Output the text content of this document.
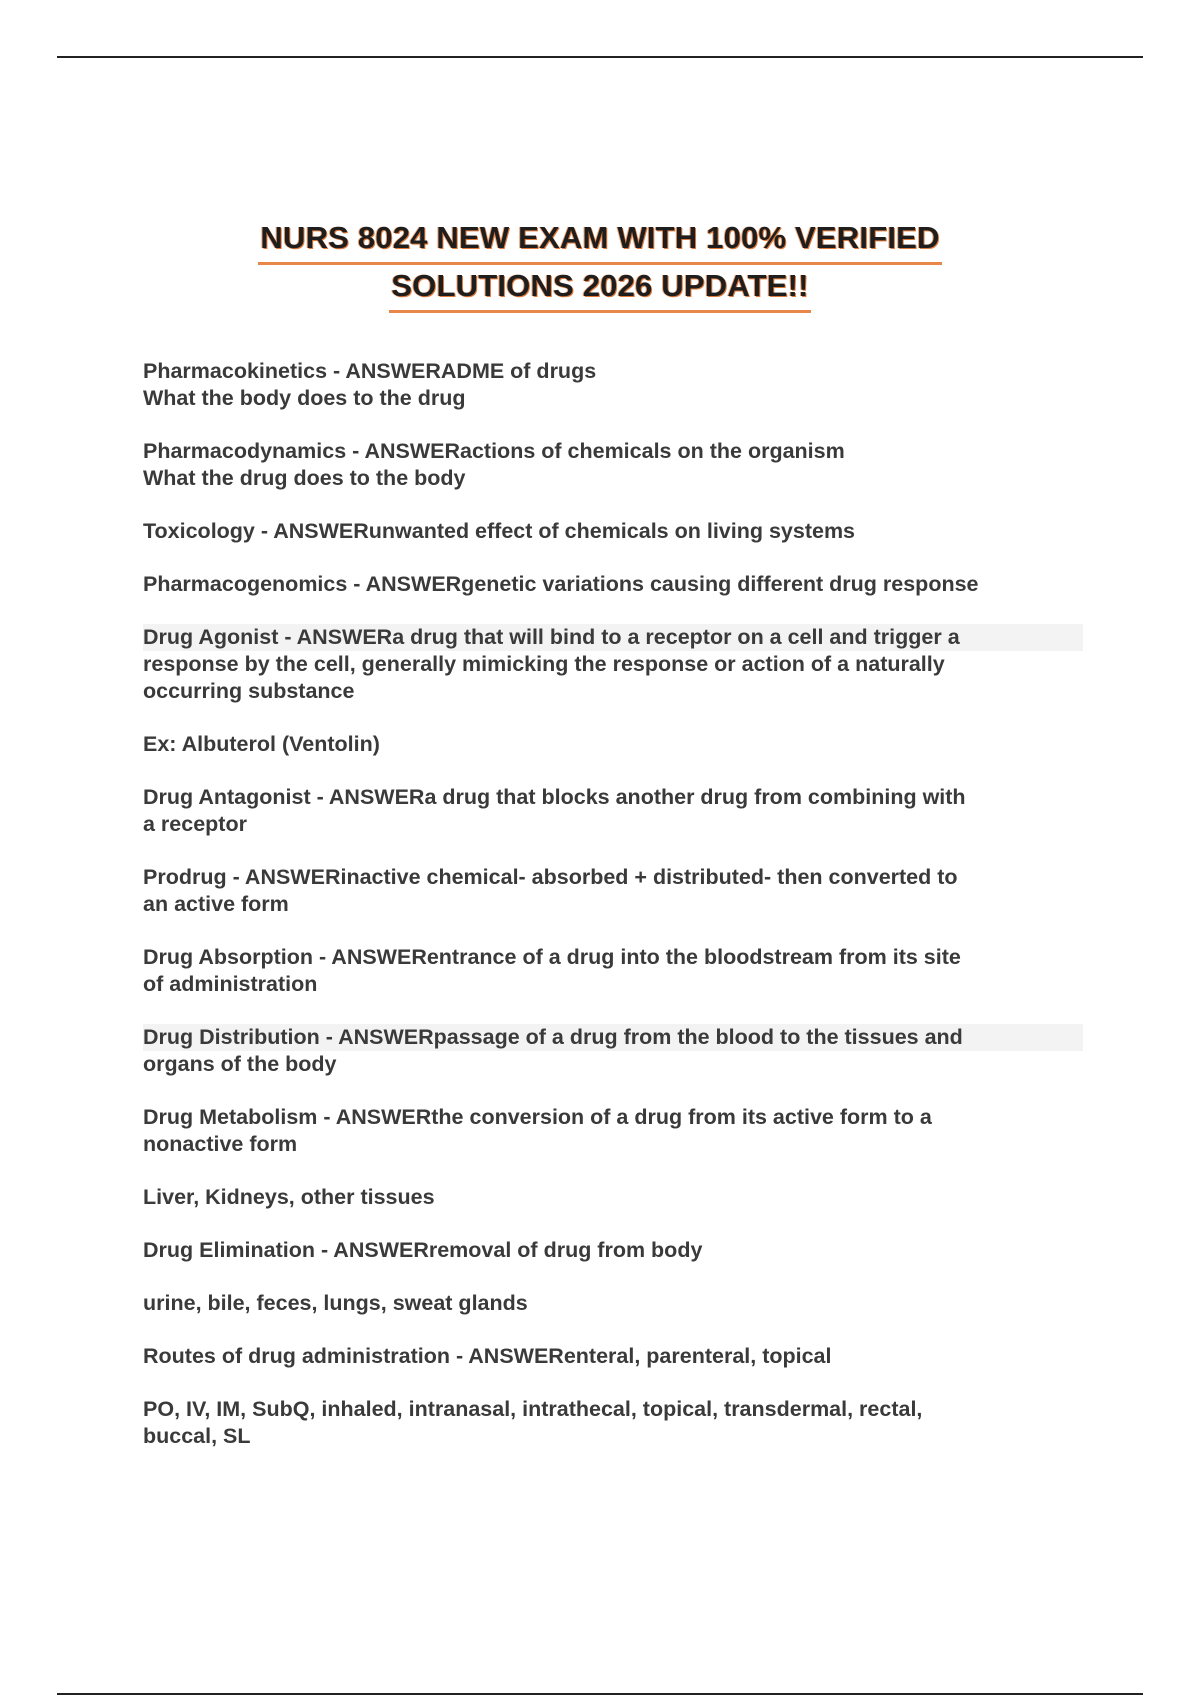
NURS 8024 NEW EXAM WITH 100% VERIFIED
SOLUTIONS 2026 UPDATE!!
Pharmacokinetics - ANSWERADME of drugs
What the body does to the drug
Pharmacodynamics - ANSWERactions of chemicals on the organism
What the drug does to the body
Toxicology - ANSWERunwanted effect of chemicals on living systems
Pharmacogenomics - ANSWERgenetic variations causing different drug response
Drug Agonist - ANSWERa drug that will bind to a receptor on a cell and trigger a
response by the cell, generally mimicking the response or action of a naturally
occurring substance
Ex: Albuterol (Ventolin)
Drug Antagonist - ANSWERa drug that blocks another drug from combining with
a receptor
Prodrug - ANSWERinactive chemical- absorbed + distributed- then converted to
an active form
Drug Absorption - ANSWERentrance of a drug into the bloodstream from its site
of administration
Drug Distribution - ANSWERpassage of a drug from the blood to the tissues and
organs of the body
Drug Metabolism - ANSWERthe conversion of a drug from its active form to a
nonactive form
Liver, Kidneys, other tissues
Drug Elimination - ANSWERremoval of drug from body
urine, bile, feces, lungs, sweat glands
Routes of drug administration - ANSWERenteral, parenteral, topical
PO, IV, IM, SubQ, inhaled, intranasal, intrathecal, topical, transdermal, rectal,
buccal, SL
